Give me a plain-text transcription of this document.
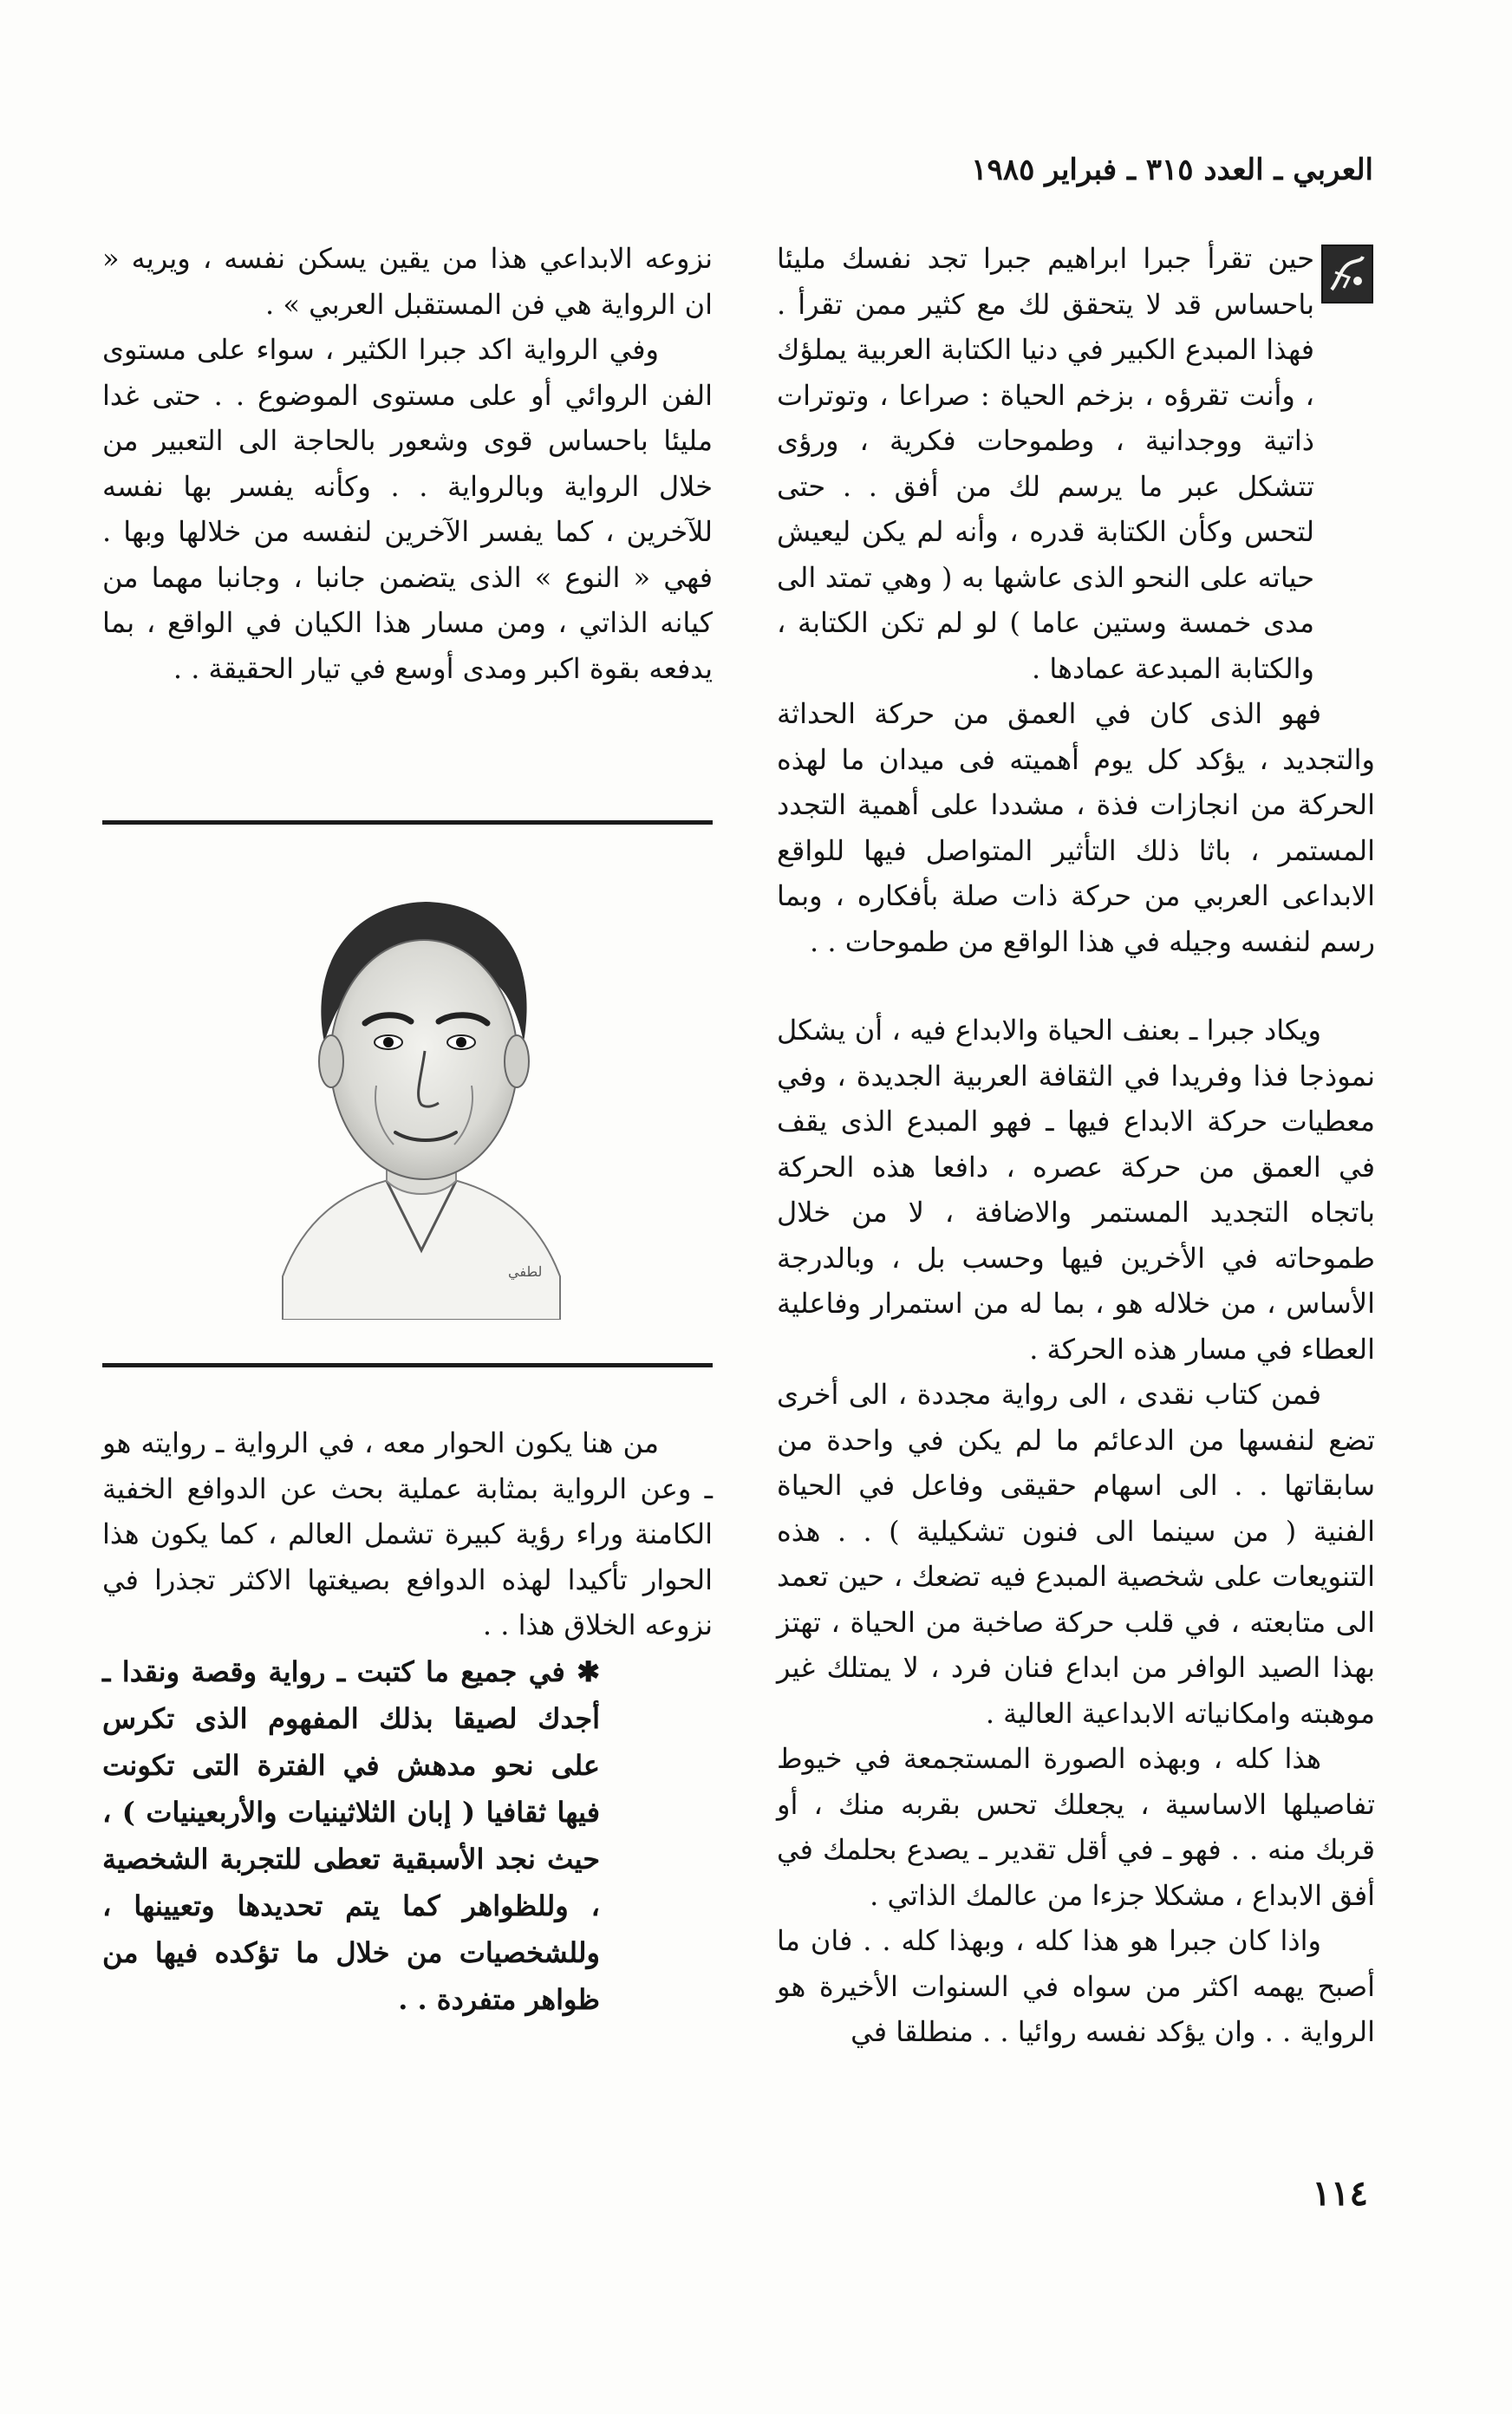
العربي ـ العدد ٣١٥ ـ فبراير ١٩٨٥

حين تقرأ جبرا ابراهيم جبرا تجد نفسك مليئا باحساس قد لا يتحقق لك مع كثير ممن تقرأ . فهذا المبدع الكبير في دنيا الكتابة العربية يملؤك ، وأنت تقرؤه ، بزخم الحياة : صراعا ، وتوترات ذاتية ووجدانية ، وطموحات فكرية ، ورؤى تتشكل عبر ما يرسم لك من أفق . . حتى لتحس وكأن الكتابة قدره ، وأنه لم يكن ليعيش حياته على النحو الذى عاشها به ( وهي تمتد الى مدى خمسة وستين عاما ) لو لم تكن الكتابة ، والكتابة المبدعة عمادها .

فهو الذى كان في العمق من حركة الحداثة والتجديد ، يؤكد كل يوم أهميته فى ميدان ما لهذه الحركة من انجازات فذة ، مشددا على أهمية التجدد المستمر ، باثا ذلك التأثير المتواصل فيها للواقع الابداعى العربي من حركة ذات صلة بأفكاره ، وبما رسم لنفسه وجيله في هذا الواقع من طموحات . .

ويكاد جبرا ـ بعنف الحياة والابداع فيه ، أن يشكل نموذجا فذا وفريدا في الثقافة العربية الجديدة ، وفي معطيات حركة الابداع فيها ـ فهو المبدع الذى يقف في العمق من حركة عصره ، دافعا هذه الحركة باتجاه التجديد المستمر والاضافة ، لا من خلال طموحاته في الأخرين فيها وحسب بل ، وبالدرجة الأساس ، من خلاله هو ، بما له من استمرار وفاعلية العطاء في مسار هذه الحركة .

فمن كتاب نقدى ، الى رواية مجددة ، الى أخرى تضع لنفسها من الدعائم ما لم يكن في واحدة من سابقاتها . . الى اسهام حقيقى وفاعل في الحياة الفنية ( من سينما الى فنون تشكيلية ) . . هذه التنويعات على شخصية المبدع فيه تضعك ، حين تعمد الى متابعته ، في قلب حركة صاخبة من الحياة ، تهتز بهذا الصيد الوافر من ابداع فنان فرد ، لا يمتلك غير موهبته وامكانياته الابداعية العالية .

هذا كله ، وبهذه الصورة المستجمعة في خيوط تفاصيلها الاساسية ، يجعلك تحس بقربه منك ، أو قربك منه . . فهو ـ في أقل تقدير ـ يصدع بحلمك في أفق الابداع ، مشكلا جزءا من عالمك الذاتي .

واذا كان جبرا هو هذا كله ، وبهذا كله . . فان ما أصبح يهمه اكثر من سواه في السنوات الأخيرة هو الرواية . . وان يؤكد نفسه روائيا . . منطلقا في

نزوعه الابداعي هذا من يقين يسكن نفسه ، ويريه « ان الرواية هي فن المستقبل العربي » .

وفي الرواية اكد جبرا الكثير ، سواء على مستوى الفن الروائي أو على مستوى الموضوع . . حتى غدا مليئا باحساس قوى وشعور بالحاجة الى التعبير من خلال الرواية وبالرواية . . وكأنه يفسر بها نفسه للآخرين ، كما يفسر الآخرين لنفسه من خلالها وبها . فهي « النوع » الذى يتضمن جانبا ، وجانبا مهما من كيانه الذاتي ، ومن مسار هذا الكيان في الواقع ، بما يدفعه بقوة اكبر ومدى أوسع في تيار الحقيقة . .

لطفي

من هنا يكون الحوار معه ، في الرواية ـ روايته هو ـ وعن الرواية بمثابة عملية بحث عن الدوافع الخفية الكامنة وراء رؤية كبيرة تشمل العالم ، كما يكون هذا الحوار تأكيدا لهذه الدوافع بصيغتها الاكثر تجذرا في نزوعه الخلاق هذا . .

✱ في جميع ما كتبت ـ رواية وقصة ونقدا ـ أجدك لصيقا بذلك المفهوم الذى تكرس على نحو مدهش في الفترة التى تكونت فيها ثقافيا ( إبان الثلاثينيات والأربعينيات ) ، حيث نجد الأسبقية تعطى للتجربة الشخصية ، وللظواهر كما يتم تحديدها وتعيينها ، وللشخصيات من خلال ما تؤكده فيها من ظواهر متفردة . .

١١٤
